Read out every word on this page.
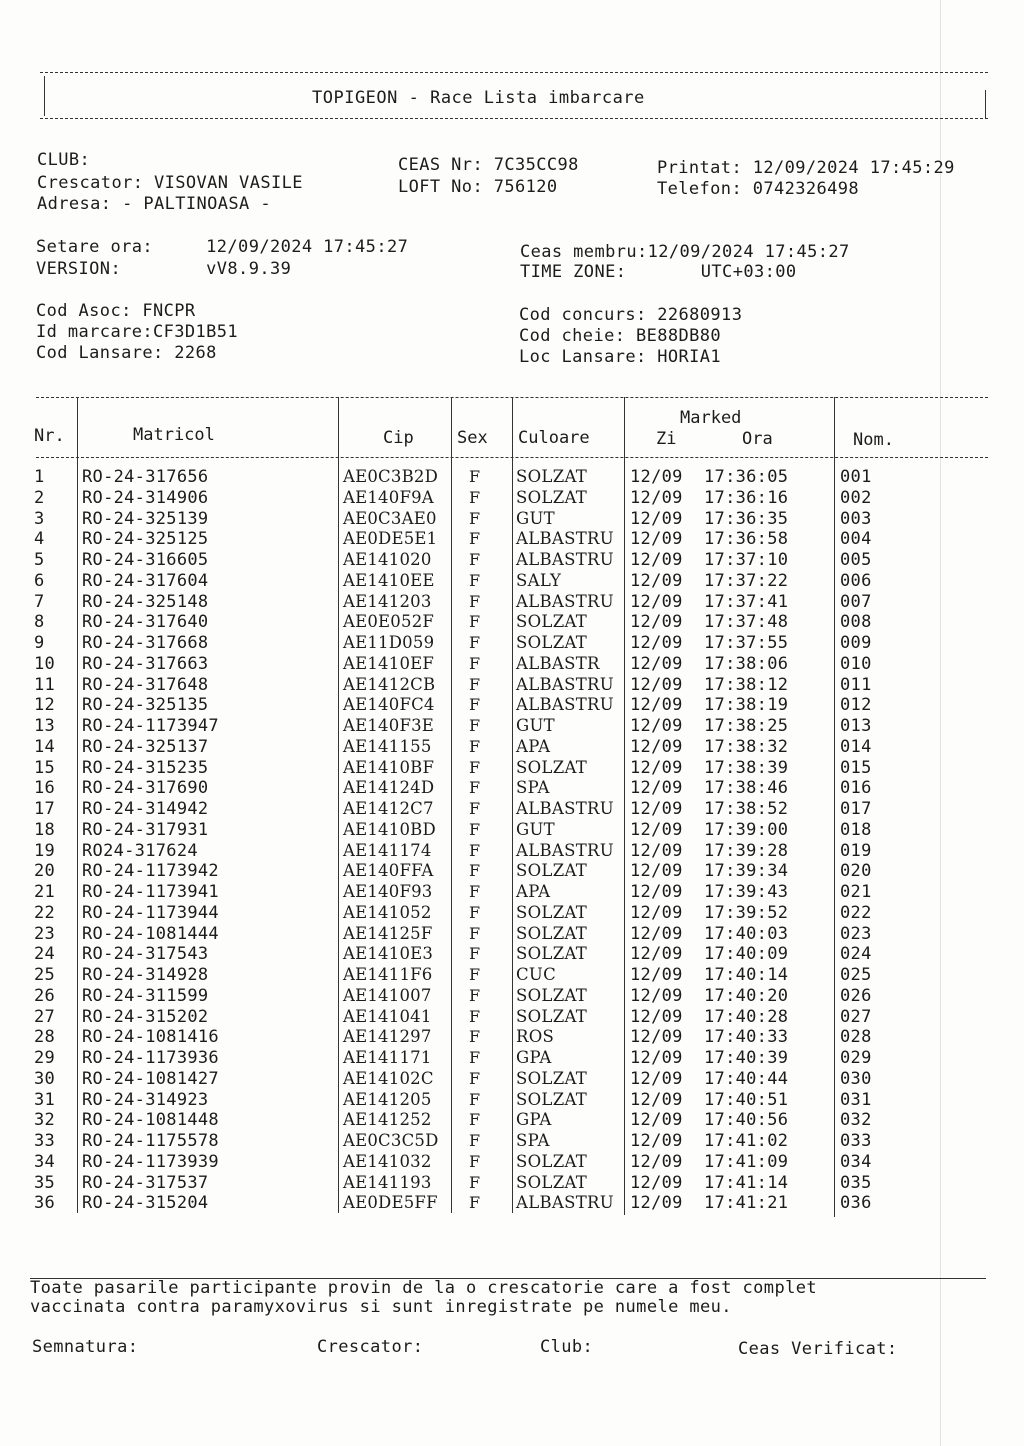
TOPIGEON - Race Lista imbarcare
CLUB:
Crescator: VISOVAN VASILE
Adresa: - PALTINOASA -
CEAS Nr: 7C35CC98
LOFT No: 756120
Printat: 12/09/2024 17:45:29
Telefon: 0742326498
Setare ora:     12/09/2024 17:45:27
VERSION:        vV8.9.39
Ceas membru:12/09/2024 17:45:27
TIME ZONE:       UTC+03:00
Cod Asoc: FNCPR
Id marcare:CF3D1B51
Cod Lansare: 2268
Cod concurs: 22680913
Cod cheie: BE88DB80
Loc Lansare: HORIA1
Nr.	Matricol	Cip	Sex Culoare
Marked
Zi	Ora	Nom.
1 RO-24-317656	AE0C3B2D F SOLZAT	12/09 17:36:05	001
2 RO-24-314906	AE140F9A F SOLZAT	12/09 17:36:16	002
3 RO-24-325139	AE0C3AE0 F GUT	12/09 17:36:35	003
4 RO-24-325125	AE0DE5E1 F ALBASTRU 12/09 17:36:58	004
5 RO-24-316605	AE141020 F ALBASTRU 12/09 17:37:10	005
6 RO-24-317604	AE1410EE F SALY	12/09 17:37:22	006
7 RO-24-325148	AE141203 F ALBASTRU 12/09 17:37:41	007
8 RO-24-317640	AE0E052F F SOLZAT	12/09 17:37:48	008
9 RO-24-317668	AE11D059 F SOLZAT	12/09 17:37:55	009
10 RO-24-317663	AE1410EF F ALBASTR 12/09 17:38:06	010
11 RO-24-317648	AE1412CB F ALBASTRU 12/09 17:38:12	011
12 RO-24-325135	AE140FC4 F ALBASTRU 12/09 17:38:19	012
13 RO-24-1173947	AE140F3E F GUT	12/09 17:38:25	013
14 RO-24-325137	AE141155 F APA	12/09 17:38:32	014
15 RO-24-315235	AE1410BF F SOLZAT	12/09 17:38:39	015
16 RO-24-317690	AE14124D F SPA	12/09 17:38:46	016
17 RO-24-314942	AE1412C7 F ALBASTRU 12/09 17:38:52	017
18 RO-24-317931	AE1410BD F GUT	12/09 17:39:00	018
19 RO24-317624	AE141174 F ALBASTRU 12/09 17:39:28	019
20 RO-24-1173942	AE140FFA F SOLZAT	12/09 17:39:34	020
21 RO-24-1173941	AE140F93 F APA	12/09 17:39:43	021
22 RO-24-1173944	AE141052 F SOLZAT	12/09 17:39:52	022
23 RO-24-1081444	AE14125F F SOLZAT	12/09 17:40:03	023
24 RO-24-317543	AE1410E3 F SOLZAT	12/09 17:40:09	024
25 RO-24-314928	AE1411F6 F CUC	12/09 17:40:14	025
26 RO-24-311599	AE141007 F SOLZAT	12/09 17:40:20	026
27 RO-24-315202	AE141041 F SOLZAT	12/09 17:40:28	027
28 RO-24-1081416	AE141297 F ROS	12/09 17:40:33	028
29 RO-24-1173936	AE141171 F GPA	12/09 17:40:39	029
30 RO-24-1081427	AE14102C F SOLZAT	12/09 17:40:44	030
31 RO-24-314923	AE141205 F SOLZAT	12/09 17:40:51	031
32 RO-24-1081448	AE141252 F GPA	12/09 17:40:56	032
33 RO-24-1175578	AE0C3C5D F SPA	12/09 17:41:02	033
34 RO-24-1173939	AE141032 F SOLZAT	12/09 17:41:09	034
35 RO-24-317537	AE141193 F SOLZAT	12/09 17:41:14	035
36 RO-24-315204	AE0DE5FF F ALBASTRU 12/09 17:41:21	036
Toate pasarile participante provin de la o crescatorie care a fost complet
vaccinata contra paramyxovirus si sunt inregistrate pe numele meu.
Semnatura:	Crescator:	Club:	Ceas Verificat:
